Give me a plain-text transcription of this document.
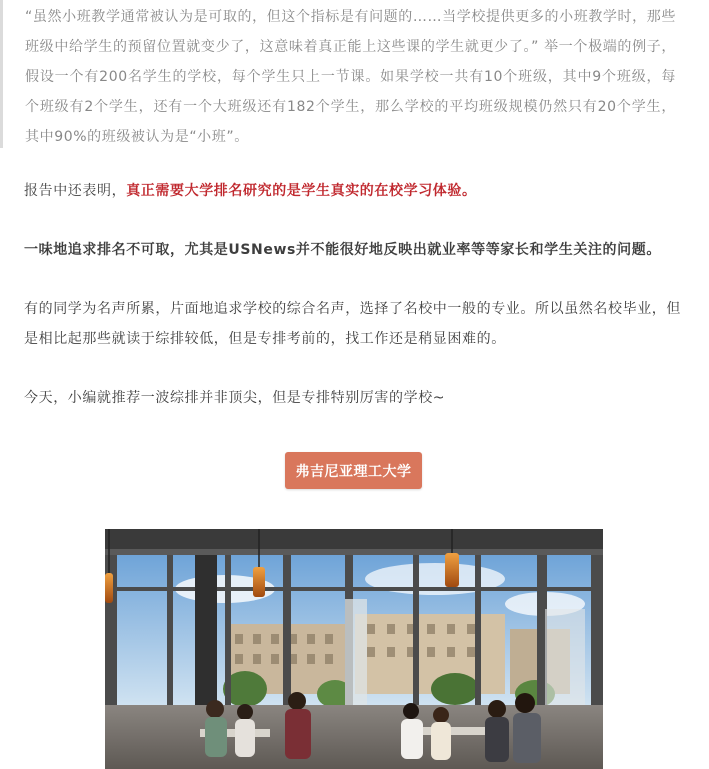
“虽然小班教学通常被认为是可取的，但这个指标是有问题的……当学校提供更多的小班教学时，那些班级中给学生的预留位置就变少了，这意味着真正能上这些课的学生就更少了。” 举一个极端的例子，假设一个有200名学生的学校，每个学生只上一节课。如果学校一共有10个班级，其中9个班级，每个班级有2个学生，还有一个大班级还有182个学生，那么学校的平均班级规模仍然只有20个学生，其中90%的班级被认为是“小班”。

报告中还表明，真正需要大学排名研究的是学生真实的在校学习体验。

一味地追求排名不可取，尤其是USNews并不能很好地反映出就业率等等家长和学生关注的问题。

有的同学为名声所累，片面地追求学校的综合名声，选择了名校中一般的专业。所以虽然名校毕业，但是相比起那些就读于综排较低，但是专排考前的，找工作还是稍显困难的。

今天，小编就推荐一波综排并非顶尖，但是专排特别厉害的学校~

弗吉尼亚理工大学
